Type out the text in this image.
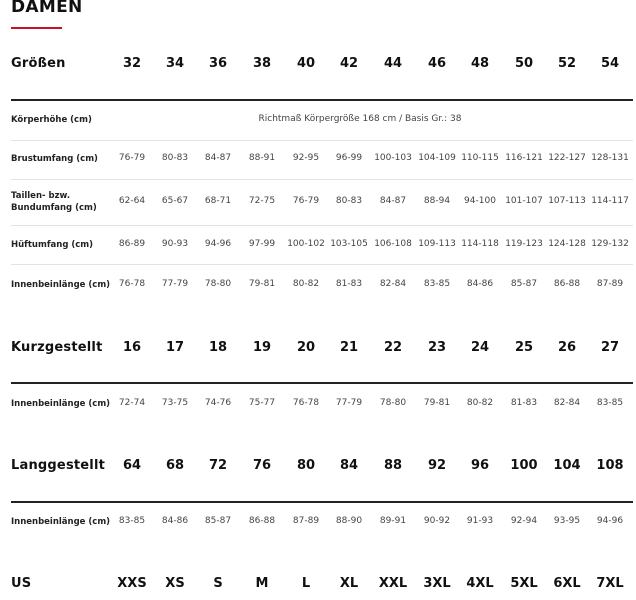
DAMEN
Größen	32 34 36 38 40 42 44 46 48 50 52 54
Körperhöhe (cm)	Richtmaß Körpergröße 168 cm / Basis Gr.: 38
Brustumfang (cm) 76-79 80-83 84-87 88-91 92-95 96-99 100-103 104-109 110-115 116-121 122-127 128-131
Taillen- bzw.
Bundumfang (cm)
62-64 65-67 68-71 72-75 76-79 80-83 84-87 88-94 94-100 101-107 107-113 114-117
Hüftumfang (cm)	86-89 90-93 94-96 97-99 100-102 103-105 106-108 109-113 114-118 119-123 124-128 129-132
Innenbeinlänge (cm) 76-78 77-79 78-80 79-81 80-82 81-83 82-84 83-85 84-86 85-87 86-88 87-89
Kurzgestellt 16 17 18 19 20 21 22 23 24 25 26 27
Innenbeinlänge (cm) 72-74 73-75 74-76 75-77 76-78 77-79 78-80 79-81 80-82 81-83 82-84 83-85
Langgestellt 64 68 72 76 80 84 88 92 96 100 104 108
Innenbeinlänge (cm) 83-85 84-86 85-87 86-88 87-89 88-90 89-91 90-92 91-93 92-94 93-95 94-96
US	XXS XS S	M	L XL XXL 3XL 4XL 5XL 6XL 7XL
